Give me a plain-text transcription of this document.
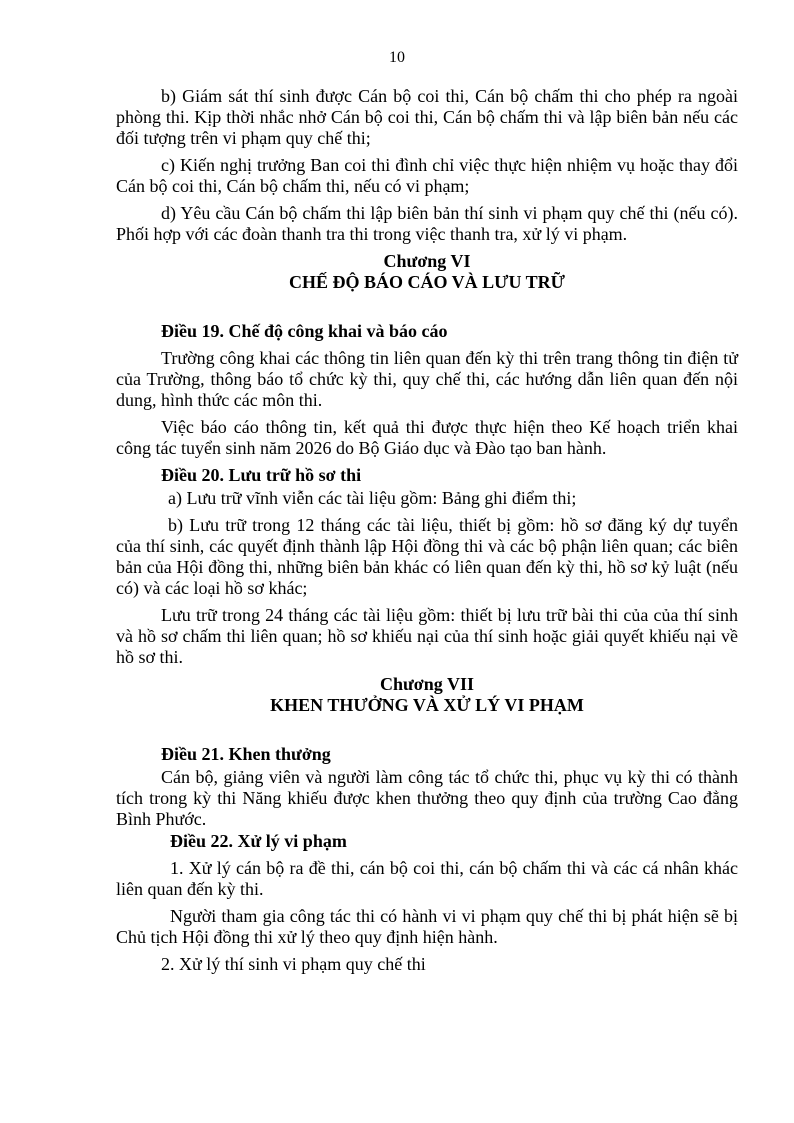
10

b) Giám sát thí sinh được Cán bộ coi thi, Cán bộ chấm thi cho phép ra ngoài phòng thi. Kịp thời nhắc nhở Cán bộ coi thi, Cán bộ chấm thi và lập biên bản nếu các đối tượng trên vi phạm quy chế thi;

c) Kiến nghị trưởng Ban coi thi đình chỉ việc thực hiện nhiệm vụ hoặc thay đổi Cán bộ coi thi, Cán bộ chấm thi, nếu có vi phạm;

d) Yêu cầu Cán bộ chấm thi lập biên bản thí sinh vi phạm quy chế thi (nếu có). Phối hợp với các đoàn thanh tra thi trong việc thanh tra, xử lý vi phạm.

Chương VI

CHẾ ĐỘ BÁO CÁO VÀ LƯU TRỮ

Điều 19. Chế độ công khai và báo cáo

Trường công khai các thông tin liên quan đến kỳ thi trên trang thông tin điện tử của Trường, thông báo tổ chức kỳ thi, quy chế thi, các hướng dẫn liên quan đến nội dung, hình thức các môn thi.

Việc báo cáo thông tin, kết quả thi được thực hiện theo Kế hoạch triển khai công tác tuyển sinh năm 2026 do Bộ Giáo dục và Đào tạo ban hành.

Điều 20. Lưu trữ hồ sơ thi

a) Lưu trữ vĩnh viễn các tài liệu gồm: Bảng ghi điểm thi;

b) Lưu trữ trong 12 tháng các tài liệu, thiết bị gồm: hồ sơ đăng ký dự tuyển của thí sinh, các quyết định thành lập Hội đồng thi và các bộ phận liên quan; các biên bản của Hội đồng thi, những biên bản khác có liên quan đến kỳ thi, hồ sơ kỷ luật (nếu có) và các loại hồ sơ khác;

Lưu trữ trong 24 tháng các tài liệu gồm: thiết bị lưu trữ bài thi của của thí sinh và hồ sơ chấm thi liên quan; hồ sơ khiếu nại của thí sinh hoặc giải quyết khiếu nại về hồ sơ thi.

Chương VII

KHEN THƯỞNG VÀ XỬ LÝ VI PHẠM

Điều 21. Khen thưởng

Cán bộ, giảng viên và người làm công tác tổ chức thi, phục vụ kỳ thi có thành tích trong kỳ thi Năng khiếu được khen thưởng theo quy định của trường Cao đẳng Bình Phước.

Điều 22. Xử lý vi phạm

1. Xử lý cán bộ ra đề thi, cán bộ coi thi, cán bộ chấm thi và các cá nhân khác liên quan đến kỳ thi.

Người tham gia công tác thi có hành vi vi phạm quy chế thi bị phát hiện sẽ bị Chủ tịch Hội đồng thi xử lý theo quy định hiện hành.

2. Xử lý thí sinh vi phạm quy chế thi
